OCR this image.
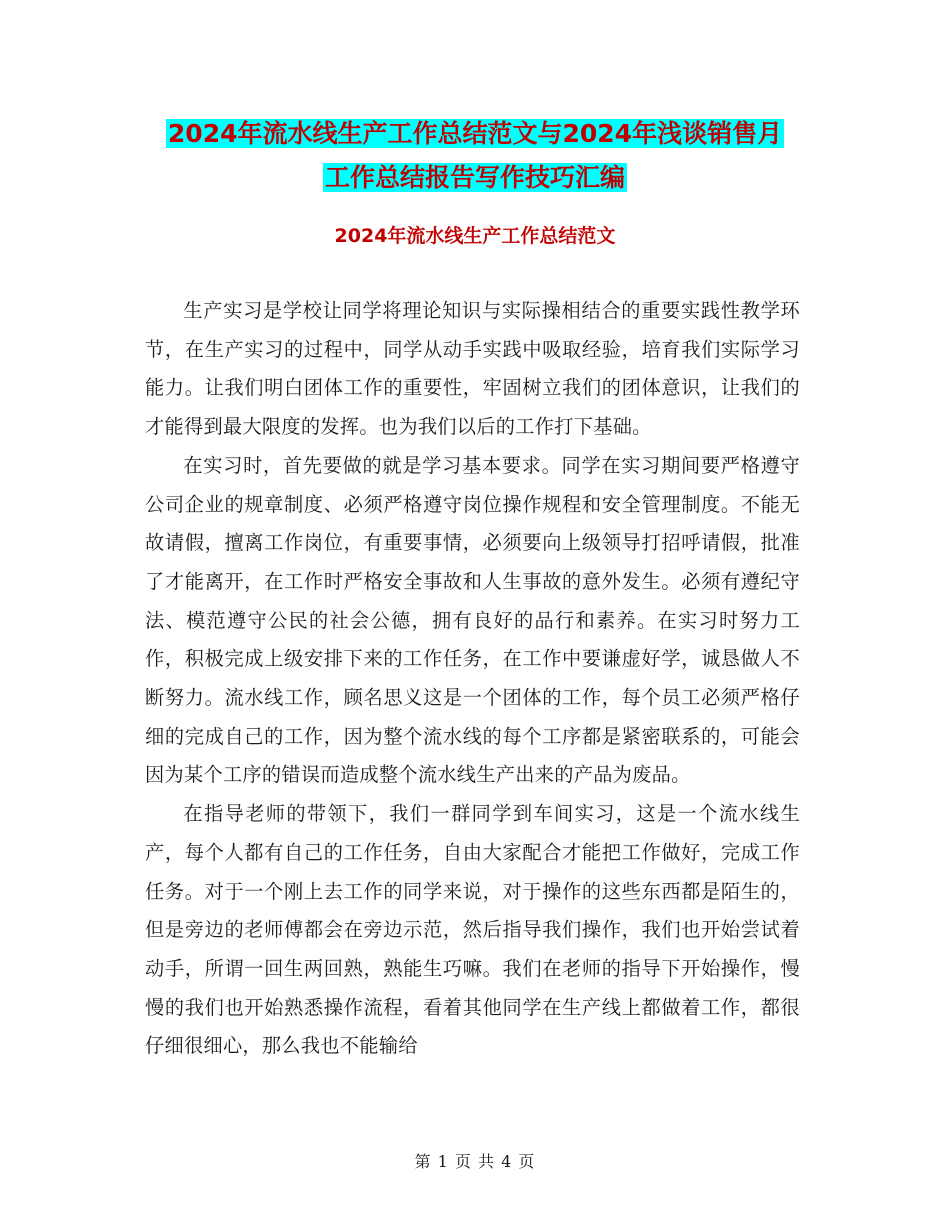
2024年流水线生产工作总结范文与2024年浅谈销售月
工作总结报告写作技巧汇编
2024年流水线生产工作总结范文

生产实习是学校让同学将理论知识与实际操相结合的重要实践性教学环节，在生产实习的过程中，同学从动手实践中吸取经验，培育我们实际学习能力。让我们明白团体工作的重要性，牢固树立我们的团体意识，让我们的才能得到最大限度的发挥。也为我们以后的工作打下基础。

在实习时，首先要做的就是学习基本要求。同学在实习期间要严格遵守公司企业的规章制度、必须严格遵守岗位操作规程和安全管理制度。不能无故请假，擅离工作岗位，有重要事情，必须要向上级领导打招呼请假，批准了才能离开，在工作时严格安全事故和人生事故的意外发生。必须有遵纪守法、模范遵守公民的社会公德，拥有良好的品行和素养。在实习时努力工作，积极完成上级安排下来的工作任务，在工作中要谦虚好学，诚恳做人不断努力。流水线工作，顾名思义这是一个团体的工作，每个员工必须严格仔细的完成自己的工作，因为整个流水线的每个工序都是紧密联系的，可能会因为某个工序的错误而造成整个流水线生产出来的产品为废品。

在指导老师的带领下，我们一群同学到车间实习，这是一个流水线生产，每个人都有自己的工作任务，自由大家配合才能把工作做好，完成工作任务。对于一个刚上去工作的同学来说，对于操作的这些东西都是陌生的，但是旁边的老师傅都会在旁边示范，然后指导我们操作，我们也开始尝试着动手，所谓一回生两回熟，熟能生巧嘛。我们在老师的指导下开始操作，慢慢的我们也开始熟悉操作流程，看着其他同学在生产线上都做着工作，都很仔细很细心，那么我也不能输给

第 1 页 共 4 页
